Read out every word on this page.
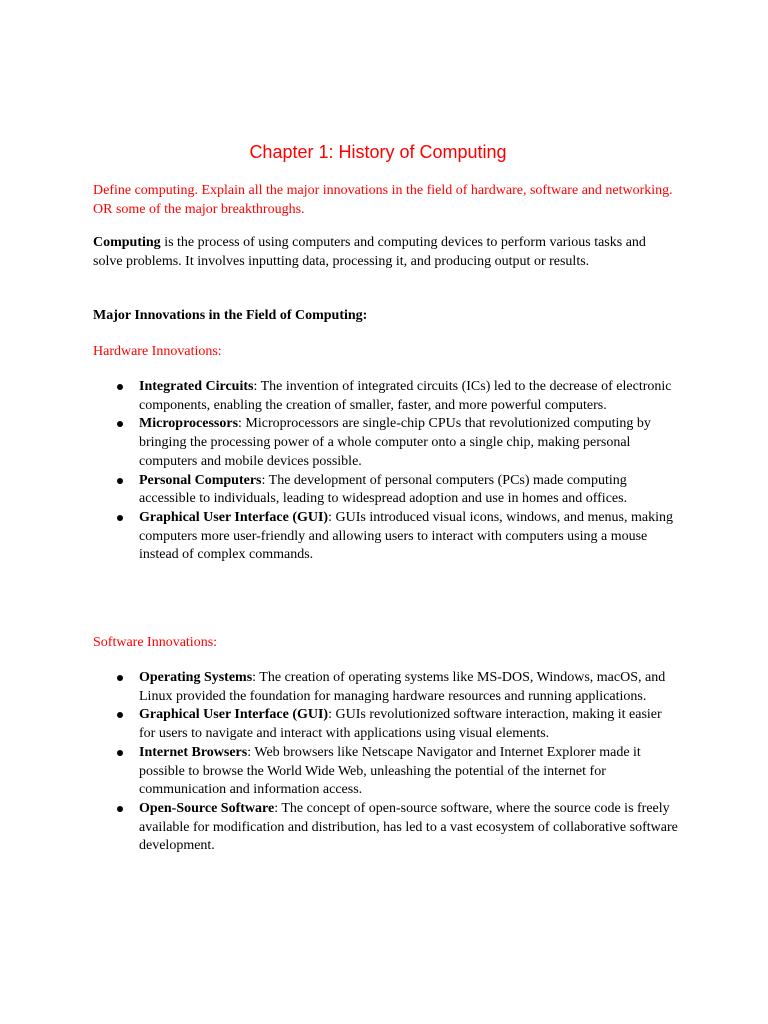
Chapter 1: History of Computing

Define computing. Explain all the major innovations in the field of hardware, software and networking. OR some of the major breakthroughs.

Computing is the process of using computers and computing devices to perform various tasks and solve problems. It involves inputting data, processing it, and producing output or results.

Major Innovations in the Field of Computing:

Hardware Innovations:
Integrated Circuits: The invention of integrated circuits (ICs) led to the decrease of electronic components, enabling the creation of smaller, faster, and more powerful computers.
Microprocessors: Microprocessors are single-chip CPUs that revolutionized computing by bringing the processing power of a whole computer onto a single chip, making personal computers and mobile devices possible.
Personal Computers: The development of personal computers (PCs) made computing accessible to individuals, leading to widespread adoption and use in homes and offices.
Graphical User Interface (GUI): GUIs introduced visual icons, windows, and menus, making computers more user-friendly and allowing users to interact with computers using a mouse instead of complex commands.
Software Innovations:
Operating Systems: The creation of operating systems like MS-DOS, Windows, macOS, and Linux provided the foundation for managing hardware resources and running applications.
Graphical User Interface (GUI): GUIs revolutionized software interaction, making it easier for users to navigate and interact with applications using visual elements.
Internet Browsers: Web browsers like Netscape Navigator and Internet Explorer made it possible to browse the World Wide Web, unleashing the potential of the internet for communication and information access.
Open-Source Software: The concept of open-source software, where the source code is freely available for modification and distribution, has led to a vast ecosystem of collaborative software development.
